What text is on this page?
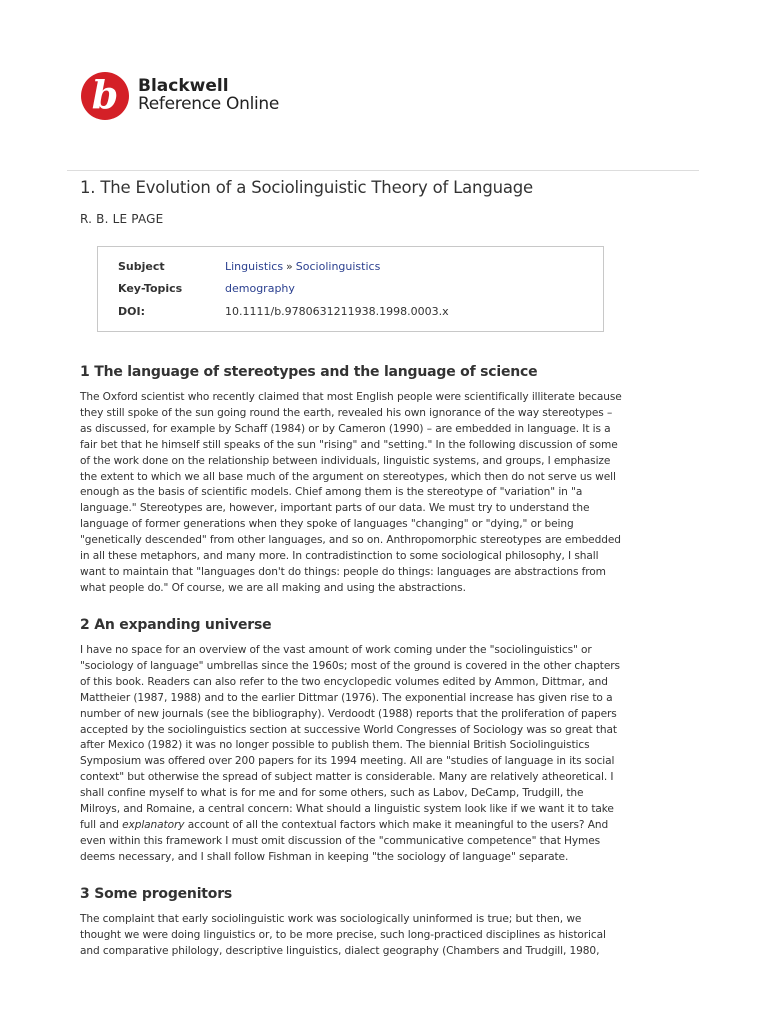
b Blackwell
Reference Online
1. The Evolution of a Sociolinguistic Theory of Language

R. B. LE PAGE

Subject	Linguistics » Sociolinguistics
Key-Topics	demography
DOI:	10.1111/b.9780631211938.1998.0003.x
1 The language of stereotypes and the language of science
The Oxford scientist who recently claimed that most English people were scientifically illiterate because
they still spoke of the sun going round the earth, revealed his own ignorance of the way stereotypes –
as discussed, for example by Schaff (1984) or by Cameron (1990) – are embedded in language. It is a
fair bet that he himself still speaks of the sun "rising" and "setting." In the following discussion of some
of the work done on the relationship between individuals, linguistic systems, and groups, I emphasize
the extent to which we all base much of the argument on stereotypes, which then do not serve us well
enough as the basis of scientific models. Chief among them is the stereotype of "variation" in "a
language." Stereotypes are, however, important parts of our data. We must try to understand the
language of former generations when they spoke of languages "changing" or "dying," or being
"genetically descended" from other languages, and so on. Anthropomorphic stereotypes are embedded
in all these metaphors, and many more. In contradistinction to some sociological philosophy, I shall
want to maintain that "languages don't do things: people do things: languages are abstractions from
what people do." Of course, we are all making and using the abstractions.
2 An expanding universe
I have no space for an overview of the vast amount of work coming under the "sociolinguistics" or
"sociology of language" umbrellas since the 1960s; most of the ground is covered in the other chapters
of this book. Readers can also refer to the two encyclopedic volumes edited by Ammon, Dittmar, and
Mattheier (1987, 1988) and to the earlier Dittmar (1976). The exponential increase has given rise to a
number of new journals (see the bibliography). Verdoodt (1988) reports that the proliferation of papers
accepted by the sociolinguistics section at successive World Congresses of Sociology was so great that
after Mexico (1982) it was no longer possible to publish them. The biennial British Sociolinguistics
Symposium was offered over 200 papers for its 1994 meeting. All are "studies of language in its social
context" but otherwise the spread of subject matter is considerable. Many are relatively atheoretical. I
shall confine myself to what is for me and for some others, such as Labov, DeCamp, Trudgill, the
Milroys, and Romaine, a central concern: What should a linguistic system look like if we want it to take
full and explanatory account of all the contextual factors which make it meaningful to the users? And
even within this framework I must omit discussion of the "communicative competence" that Hymes
deems necessary, and I shall follow Fishman in keeping "the sociology of language" separate.
3 Some progenitors
The complaint that early sociolinguistic work was sociologically uninformed is true; but then, we
thought we were doing linguistics or, to be more precise, such long-practiced disciplines as historical
and comparative philology, descriptive linguistics, dialect geography (Chambers and Trudgill, 1980,
